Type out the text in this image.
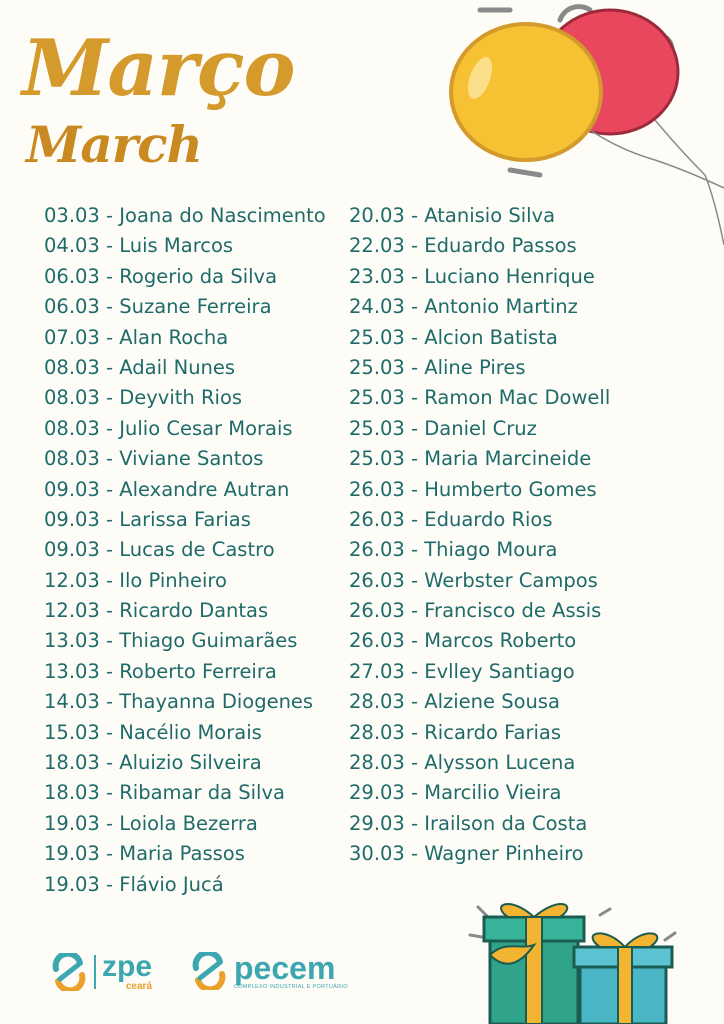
Março
March
03.03 - Joana do Nascimento
04.03 - Luis Marcos
06.03 - Rogerio da Silva
06.03 - Suzane Ferreira
07.03 - Alan Rocha
08.03 - Adail Nunes
08.03 - Deyvith Rios
08.03 - Julio Cesar Morais
08.03 - Viviane Santos
09.03 - Alexandre Autran
09.03 - Larissa Farias
09.03 - Lucas de Castro
12.03 - Ilo Pinheiro
12.03 - Ricardo Dantas
13.03 - Thiago Guimarães
13.03 - Roberto Ferreira
14.03 - Thayanna Diogenes
15.03 - Nacélio Morais
18.03 - Aluizio Silveira
18.03 - Ribamar da Silva
19.03 - Loiola Bezerra
19.03 - Maria Passos
19.03 - Flávio Jucá
20.03 - Atanisio Silva
22.03 - Eduardo Passos
23.03 - Luciano Henrique
24.03 - Antonio Martinz
25.03 - Alcion Batista
25.03 - Aline Pires
25.03 - Ramon Mac Dowell
25.03 - Daniel Cruz
25.03 - Maria Marcineide
26.03 - Humberto Gomes
26.03 - Eduardo Rios
26.03 - Thiago Moura
26.03 - Werbster Campos
26.03 - Francisco de Assis
26.03 - Marcos Roberto
27.03 - Evlley Santiago
28.03 - Alziene Sousa
28.03 - Ricardo Farias
28.03 - Alysson Lucena
29.03 - Marcilio Vieira
29.03 - Irailson da Costa
30.03 - Wagner Pinheiro
zpe
ceará
pecem
COMPLEXO INDUSTRIAL E PORTUÁRIO
